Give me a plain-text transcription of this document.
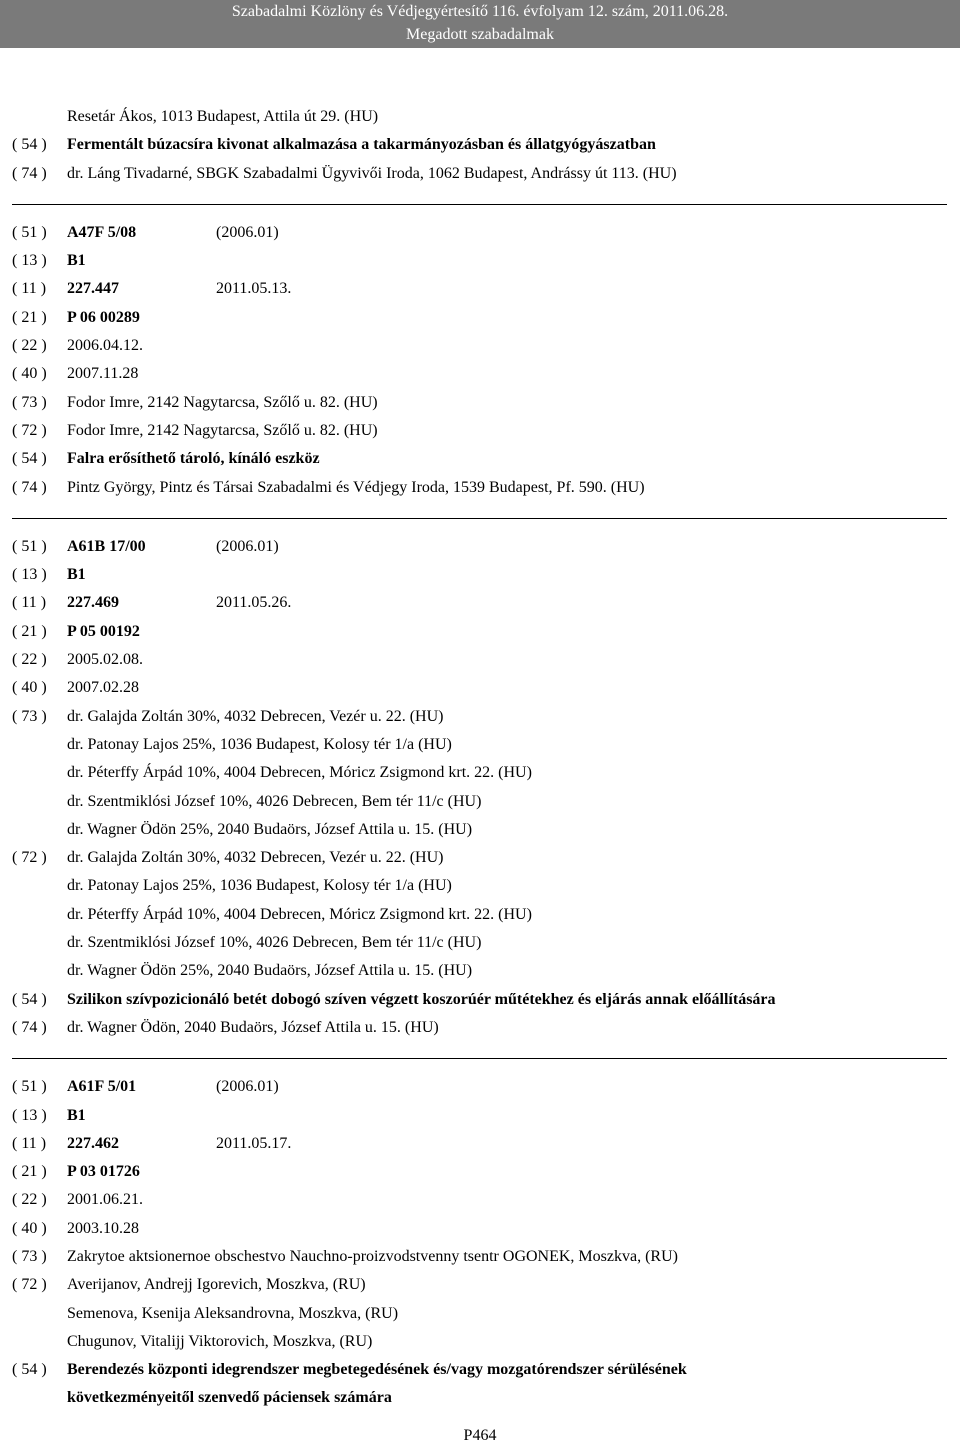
Szabadalmi Közlöny és Védjegyértesítő 116. évfolyam 12. szám, 2011.06.28.
Megadott szabadalmak
Resetár Ákos, 1013 Budapest, Attila út 29. (HU)
( 54 ) Fermentált búzacsíra kivonat alkalmazása a takarmányozásban és állatgyógyászatban
( 74 ) dr. Láng Tivadarné, SBGK Szabadalmi Ügyvivői Iroda, 1062 Budapest, Andrássy út 113. (HU)
( 51 ) A47F 5/08	(2006.01)
( 13 ) B1
( 11 ) 227.447	2011.05.13.
( 21 ) P 06 00289
( 22 ) 2006.04.12.
( 40 ) 2007.11.28
( 73 ) Fodor Imre, 2142 Nagytarcsa, Szőlő u. 82. (HU)
( 72 ) Fodor Imre, 2142 Nagytarcsa, Szőlő u. 82. (HU)
( 54 ) Falra erősíthető tároló, kínáló eszköz
( 74 ) Pintz György, Pintz és Társai Szabadalmi és Védjegy Iroda, 1539 Budapest, Pf. 590. (HU)
( 51 ) A61B 17/00	(2006.01)
( 13 ) B1
( 11 ) 227.469	2011.05.26.
( 21 ) P 05 00192
( 22 ) 2005.02.08.
( 40 ) 2007.02.28
( 73 ) dr. Galajda Zoltán 30%, 4032 Debrecen, Vezér u. 22. (HU)
dr. Patonay Lajos 25%, 1036 Budapest, Kolosy tér 1/a (HU)
dr. Péterffy Árpád 10%, 4004 Debrecen, Móricz Zsigmond krt. 22. (HU)
dr. Szentmiklósi József 10%, 4026 Debrecen, Bem tér 11/c (HU)
dr. Wagner Ödön 25%, 2040 Budaörs, József Attila u. 15. (HU)
( 72 ) dr. Galajda Zoltán 30%, 4032 Debrecen, Vezér u. 22. (HU)
dr. Patonay Lajos 25%, 1036 Budapest, Kolosy tér 1/a (HU)
dr. Péterffy Árpád 10%, 4004 Debrecen, Móricz Zsigmond krt. 22. (HU)
dr. Szentmiklósi József 10%, 4026 Debrecen, Bem tér 11/c (HU)
dr. Wagner Ödön 25%, 2040 Budaörs, József Attila u. 15. (HU)
( 54 ) Szilikon szívpozicionáló betét dobogó szíven végzett koszorúér műtétekhez és eljárás annak előállítására
( 74 ) dr. Wagner Ödön, 2040 Budaörs, József Attila u. 15. (HU)
( 51 ) A61F 5/01	(2006.01)
( 13 ) B1
( 11 ) 227.462	2011.05.17.
( 21 ) P 03 01726
( 22 ) 2001.06.21.
( 40 ) 2003.10.28
( 73 ) Zakrytoe aktsionernoe obschestvo Nauchno-proizvodstvenny tsentr OGONEK, Moszkva, (RU)
( 72 ) Averijanov, Andrejj Igorevich, Moszkva, (RU)
Semenova, Ksenija Aleksandrovna, Moszkva, (RU)
Chugunov, Vitalijj Viktorovich, Moszkva, (RU)
( 54 ) Berendezés központi idegrendszer megbetegedésének és/vagy mozgatórendszer sérülésének
következményeitől szenvedő páciensek számára
P464
